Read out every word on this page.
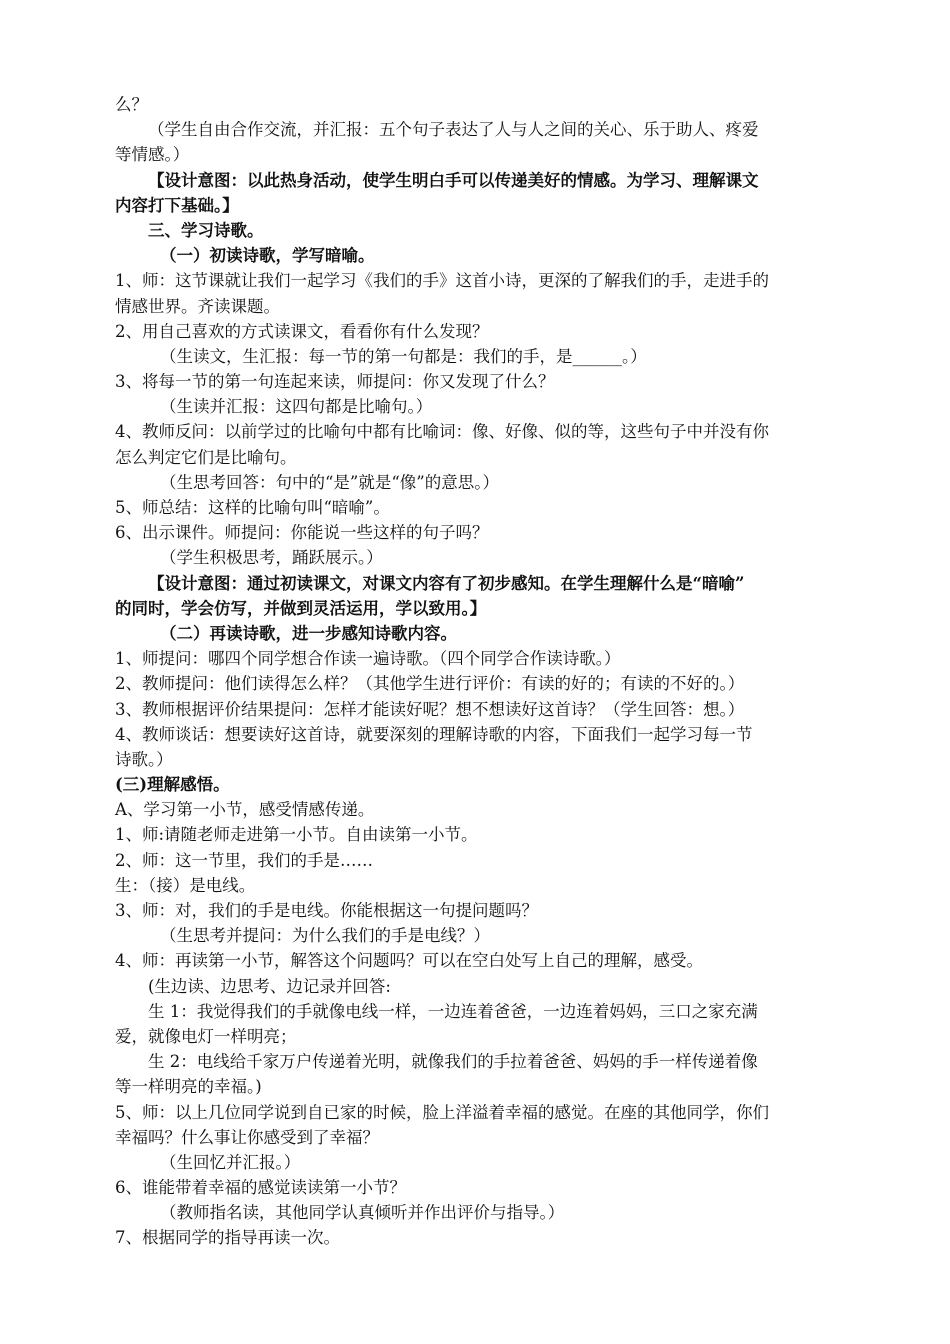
么？
（学生自由合作交流，并汇报：五个句子表达了人与人之间的关心、乐于助人、疼爱
等情感。）
【设计意图：以此热身活动，使学生明白手可以传递美好的情感。为学习、理解课文
内容打下基础。】
三、学习诗歌。
（一）初读诗歌，学写暗喻。
1、师：这节课就让我们一起学习《我们的手》这首小诗，更深的了解我们的手，走进手的
情感世界。齐读课题。
2、用自己喜欢的方式读课文，看看你有什么发现？
（生读文，生汇报：每一节的第一句都是：我们的手，是______。）
3、将每一节的第一句连起来读，师提问：你又发现了什么？
（生读并汇报：这四句都是比喻句。）
4、教师反问：以前学过的比喻句中都有比喻词：像、好像、似的等，这些句子中并没有你
怎么判定它们是比喻句。
（生思考回答：句中的“是”就是“像”的意思。）
5、师总结：这样的比喻句叫“暗喻”。
6、出示课件。师提问：你能说一些这样的句子吗？
（学生积极思考，踊跃展示。）
【设计意图：通过初读课文，对课文内容有了初步感知。在学生理解什么是“暗喻”
的同时，学会仿写，并做到灵活运用，学以致用。】
（二）再读诗歌，进一步感知诗歌内容。
1、师提问：哪四个同学想合作读一遍诗歌。（四个同学合作读诗歌。）
2、教师提问：他们读得怎么样？（其他学生进行评价：有读的好的；有读的不好的。）
3、教师根据评价结果提问：怎样才能读好呢？想不想读好这首诗？（学生回答：想。）
4、教师谈话：想要读好这首诗，就要深刻的理解诗歌的内容，下面我们一起学习每一节
诗歌。）
(三)理解感悟。
A、学习第一小节，感受情感传递。
1、师:请随老师走进第一小节。自由读第一小节。
2、师：这一节里，我们的手是……
生：（接）是电线。
3、师：对，我们的手是电线。你能根据这一句提问题吗？
（生思考并提问：为什么我们的手是电线？）
4、师：再读第一小节，解答这个问题吗？可以在空白处写上自己的理解，感受。
(生边读、边思考、边记录并回答:
生 1：我觉得我们的手就像电线一样，一边连着爸爸，一边连着妈妈，三口之家充满
爱，就像电灯一样明亮；
生 2：电线给千家万户传递着光明，就像我们的手拉着爸爸、妈妈的手一样传递着像
等一样明亮的幸福。)
5、师：以上几位同学说到自已家的时候，脸上洋溢着幸福的感觉。在座的其他同学，你们
幸福吗？什么事让你感受到了幸福？
（生回忆并汇报。）
6、谁能带着幸福的感觉读读第一小节？
（教师指名读，其他同学认真倾听并作出评价与指导。）
7、根据同学的指导再读一次。
